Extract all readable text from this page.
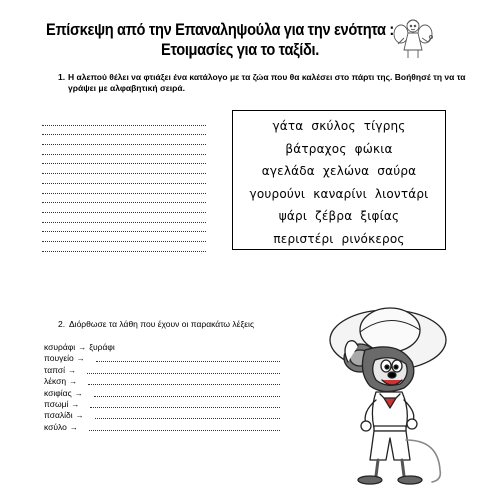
Επίσκεψη από την Επαναληψούλα για την ενότητα :
Ετοιμασίες για το ταξίδι.
1. Η αλεπού θέλει να φτιάξει ένα κατάλογο με τα ζώα που θα καλέσει στο πάρτι της. Βοήθησέ τη να τα γράψει με αλφαβητική σειρά.
γάτα σκύλος τίγρης
βάτραχος φώκια
αγελάδα χελώνα σαύρα
γουρούνι καναρίνι λιοντάρι
ψάρι ζέβρα ξιφίας
περιστέρι ρινόκερος
2. Διόρθωσε τα λάθη που έχουν οι παρακάτω λέξεις
κσυράφι → ξυράφι
πουγείο →
ταπσί →
λέκση →
κσιφίας →
πσωμί →
πσαλίδι →
κσύλο →
